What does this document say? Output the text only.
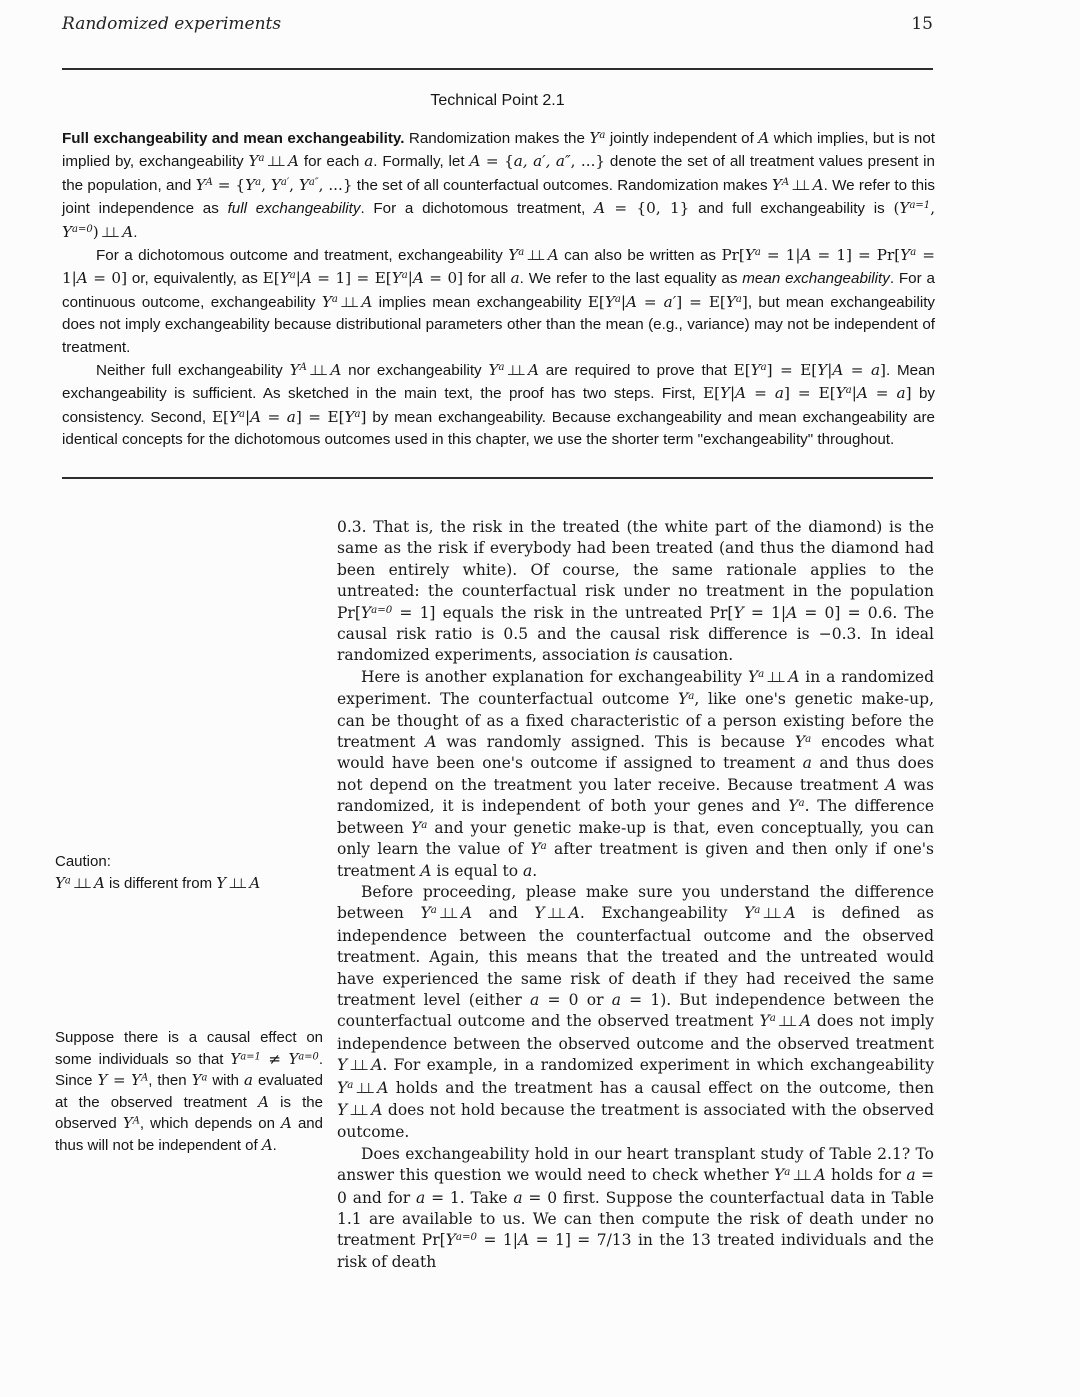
Randomized experiments	15
Technical Point 2.1

Full exchangeability and mean exchangeability. Randomization makes the $Y^a$ jointly independent of A which implies, but is not implied by, exchangeability $Y^a$ ⊥⊥ A for each a. Formally, let A = {a, a′, a″, ...} denote the set of all treatment values present in the population, and $Y^A = \{Y^a$, $Y^{a'}$, $Y^{a''}$, ...} the set of all counterfactual outcomes. Randomization makes $Y^A$ ⊥⊥ A. We refer to this joint independence as full exchangeability. For a dichotomous treatment, A = {0, 1} and full exchangeability is ($Y^{a=1}$, $Y^{a=0}$) ⊥⊥ A.

For a dichotomous outcome and treatment, exchangeability $Y^a$ ⊥⊥ A can also be written as $Pr[Y^a = 1|A = 1] = Pr[Y^a = 1|A = 0]$ or, equivalently, as $E[Y^a|A = 1] = E[Y^a|A = 0]$ for all a. We refer to the last equality as mean exchangeability. For a continuous outcome, exchangeability $Y^a$ ⊥⊥ A implies mean exchangeability $E[Y^a|A = a'] = E[Y^a]$, but mean exchangeability does not imply exchangeability because distributional parameters other than the mean (e.g., variance) may not be independent of treatment.

Neither full exchangeability $Y^A$ ⊥⊥ A nor exchangeability $Y^a$ ⊥⊥ A are required to prove that $E[Y^a] = E[Y|A = a]$. Mean exchangeability is sufficient. As sketched in the main text, the proof has two steps. First, $E[Y|A = a] = E[Y^a|A = a]$ by consistency. Second, $E[Y^a|A = a] = E[Y^a]$ by mean exchangeability. Because exchangeability and mean exchangeability are identical concepts for the dichotomous outcomes used in this chapter, we use the shorter term "exchangeability" throughout.

Caution:

$Y^a$ ⊥⊥ A is different from Y ⊥⊥ A

Suppose there is a causal effect on some individuals so that $Y^{a=1} \ne Y^{a=0}$. Since $Y = Y^A$, then $Y^a$ with a evaluated at the observed treatment A is the observed $Y^A$, which depends on A and thus will not be independent of A.

0.3. That is, the risk in the treated (the white part of the diamond) is the same as the risk if everybody had been treated (and thus the diamond had been entirely white). Of course, the same rationale applies to the untreated: the counterfactual risk under no treatment in the population $Pr[Y^{a=0} = 1]$ equals the risk in the untreated Pr[Y = 1|A = 0] = 0.6. The causal risk ratio is 0.5 and the causal risk difference is −0.3. In ideal randomized experiments, association is causation.

Here is another explanation for exchangeability $Y^a$ ⊥⊥ A in a randomized experiment. The counterfactual outcome $Y^a$, like one's genetic make-up, can be thought of as a fixed characteristic of a person existing before the treatment A was randomly assigned. This is because $Y^a$ encodes what would have been one's outcome if assigned to treament a and thus does not depend on the treatment you later receive. Because treatment A was randomized, it is independent of both your genes and $Y^a$. The difference between $Y^a$ and your genetic make-up is that, even conceptually, you can only learn the value of $Y^a$ after treatment is given and then only if one's treatment A is equal to a.

Before proceeding, please make sure you understand the difference between $Y^a$ ⊥⊥ A and Y ⊥⊥ A. Exchangeability $Y^a$ ⊥⊥ A is defined as independence between the counterfactual outcome and the observed treatment. Again, this means that the treated and the untreated would have experienced the same risk of death if they had received the same treatment level (either a = 0 or a = 1). But independence between the counterfactual outcome and the observed treatment $Y^a$ ⊥⊥ A does not imply independence between the observed outcome and the observed treatment Y ⊥⊥ A. For example, in a randomized experiment in which exchangeability $Y^a$ ⊥⊥ A holds and the treatment has a causal effect on the outcome, then Y ⊥⊥ A does not hold because the treatment is associated with the observed outcome.

Does exchangeability hold in our heart transplant study of Table 2.1? To answer this question we would need to check whether $Y^a$ ⊥⊥ A holds for a = 0 and for a = 1. Take a = 0 first. Suppose the counterfactual data in Table 1.1 are available to us. We can then compute the risk of death under no treatment $Pr[Y^{a=0} = 1|A = 1] = 7/13$ in the 13 treated individuals and the risk of death
